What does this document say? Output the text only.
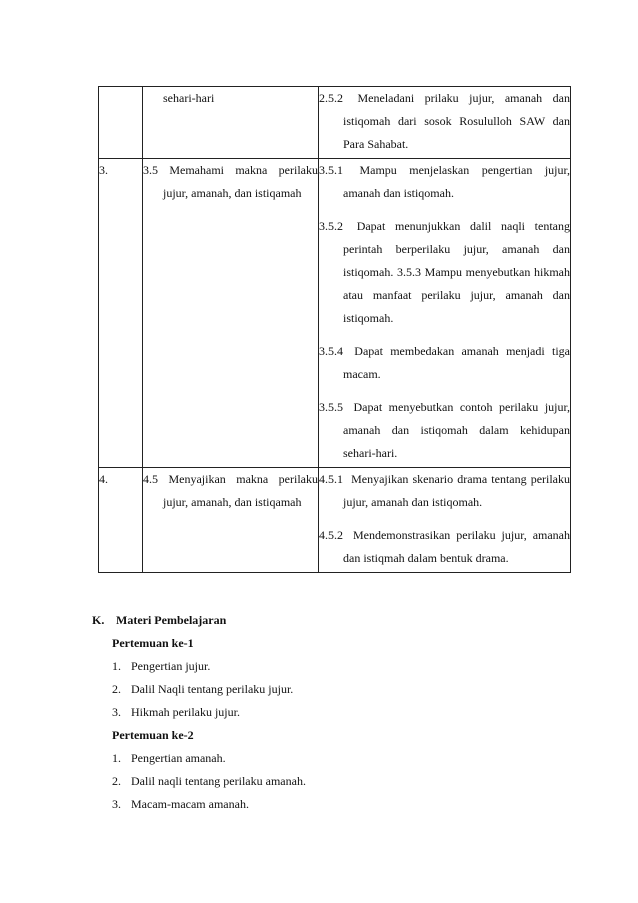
	sehari-hari	2.5.2 Meneladani prilaku jujur, amanah dan istiqomah dari sosok Rosululloh SAW dan Para Sahabat.

3.	3.5 Memahami makna perilaku jujur, amanah, dan istiqamah	3.5.1 Mampu menjelaskan pengertian jujur, amanah dan istiqomah.
3.5.2 Dapat menunjukkan dalil naqli tentang perintah berperilaku jujur, amanah dan istiqomah. 3.5.3 Mampu menyebutkan hikmah atau manfaat perilaku jujur, amanah dan istiqomah.
3.5.4 Dapat membedakan amanah menjadi tiga macam.
3.5.5 Dapat menyebutkan contoh perilaku jujur, amanah dan istiqomah dalam kehidupan sehari-hari.

4.	4.5 Menyajikan makna perilaku jujur, amanah, dan istiqamah	4.5.1 Menyajikan skenario drama tentang perilaku jujur, amanah dan istiqomah.
4.5.2 Mendemonstrasikan perilaku jujur, amanah dan istiqmah dalam bentuk drama.
K. Materi Pembelajaran
Pertemuan ke-1
1. Pengertian jujur.
2. Dalil Naqli tentang perilaku jujur.
3. Hikmah perilaku jujur.
Pertemuan ke-2
1. Pengertian amanah.
2. Dalil naqli tentang perilaku amanah.
3. Macam-macam amanah.
